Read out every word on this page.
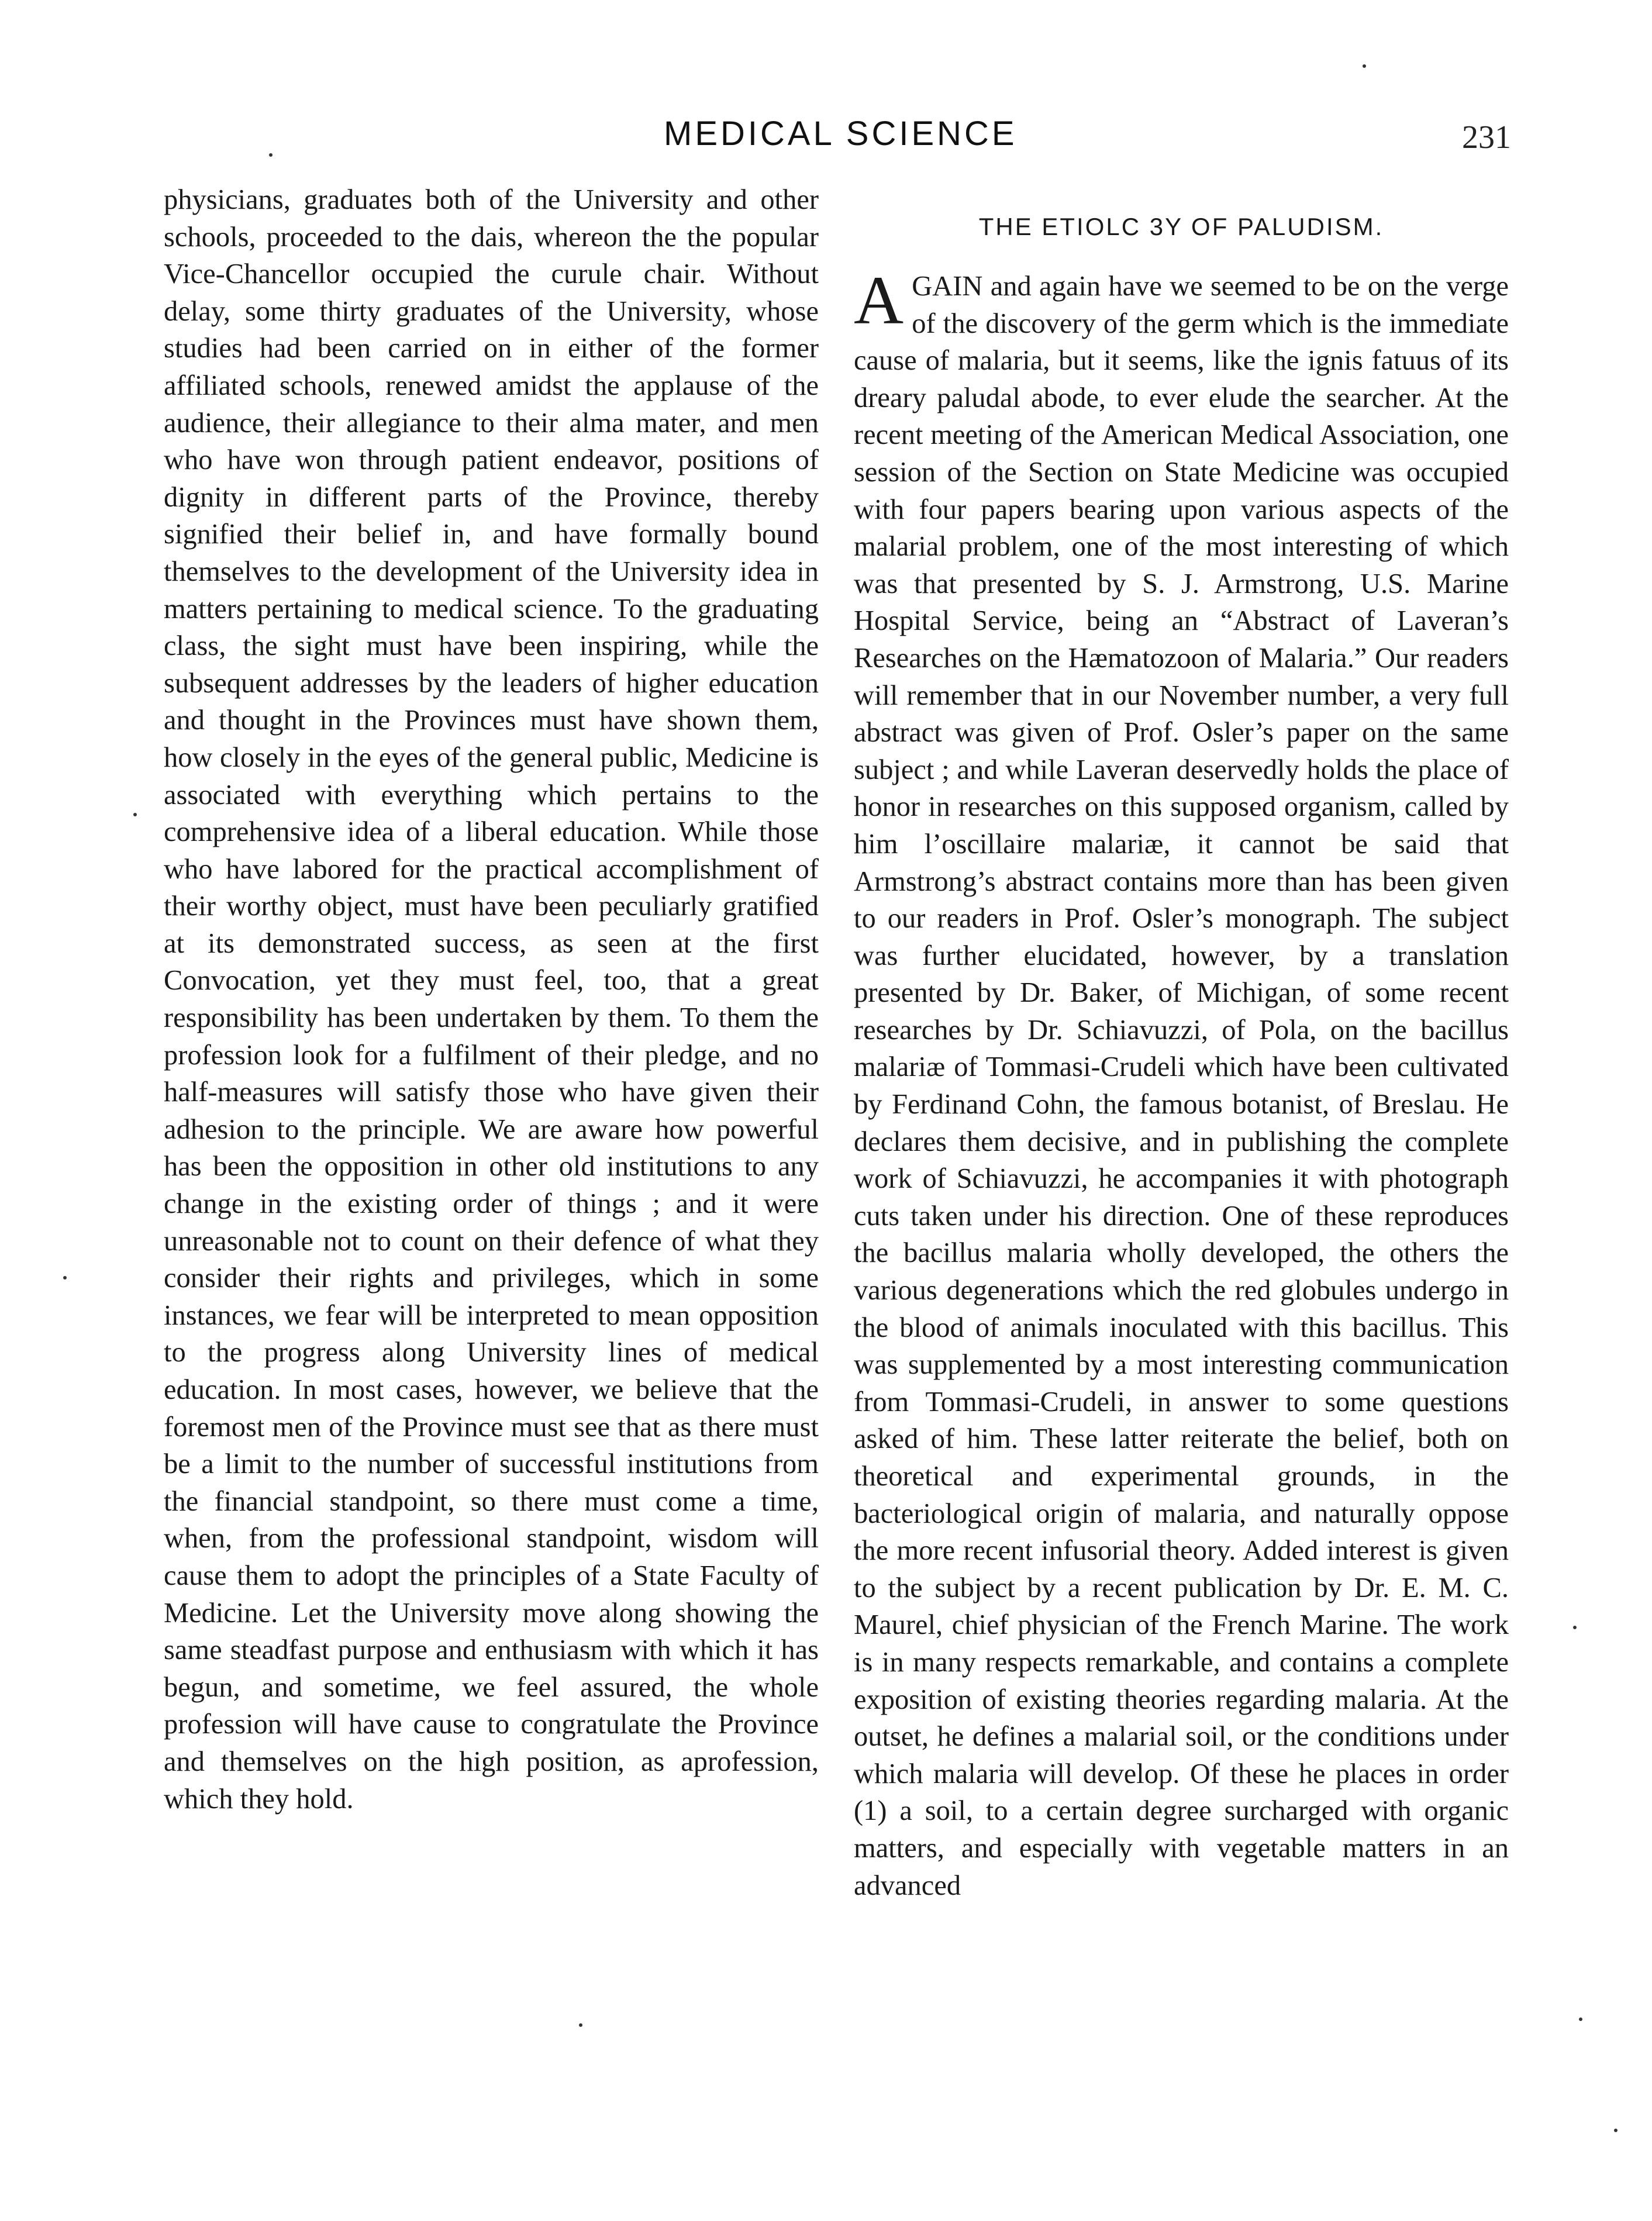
MEDICAL SCIENCE	231

physicians, graduates both of the University and other schools, proceeded to the dais, whereon the the popular Vice-Chancellor occupied the curule chair. Without delay, some thirty graduates of the University, whose studies had been carried on in either of the former affiliated schools, renewed amidst the applause of the audience, their allegiance to their alma mater, and men who have won through patient endeavor, positions of dignity in different parts of the Province, thereby signified their belief in, and have formally bound themselves to the development of the University idea in matters pertaining to medical science. To the graduating class, the sight must have been inspiring, while the subsequent addresses by the leaders of higher education and thought in the Provinces must have shown them, how closely in the eyes of the general public, Medicine is associated with everything which pertains to the comprehensive idea of a liberal education. While those who have labored for the practical accomplishment of their worthy object, must have been peculiarly gratified at its demonstrated success, as seen at the first Convocation, yet they must feel, too, that a great responsibility has been undertaken by them. To them the profession look for a fulfilment of their pledge, and no half-measures will satisfy those who have given their adhesion to the principle. We are aware how powerful has been the opposition in other old institutions to any change in the existing order of things ; and it were unreasonable not to count on their defence of what they consider their rights and privileges, which in some instances, we fear will be interpreted to mean opposition to the progress along University lines of medical education. In most cases, however, we believe that the foremost men of the Province must see that as there must be a limit to the number of successful institutions from the financial standpoint, so there must come a time, when, from the professional standpoint, wisdom will cause them to adopt the principles of a State Faculty of Medicine. Let the University move along showing the same steadfast purpose and enthusiasm with which it has begun, and sometime, we feel assured, the whole profession will have cause to congratulate the Province and themselves on the high position, as aprofession, which they hold.

THE ETIOLC 3Y OF PALUDISM.

AGAIN and again have we seemed to be on the verge of the discovery of the germ which is the immediate cause of malaria, but it seems, like the ignis fatuus of its dreary paludal abode, to ever elude the searcher. At the recent meeting of the American Medical Association, one session of the Section on State Medicine was occupied with four papers bearing upon various aspects of the malarial problem, one of the most interesting of which was that presented by S. J. Armstrong, U.S. Marine Hospital Service, being an “Abstract of Laveran’s Researches on the Hæmatozoon of Malaria.” Our readers will remember that in our November number, a very full abstract was given of Prof. Osler’s paper on the same subject ; and while Laveran deservedly holds the place of honor in researches on this supposed organism, called by him l’oscillaire malariæ, it cannot be said that Armstrong’s abstract contains more than has been given to our readers in Prof. Osler’s monograph. The subject was further elucidated, however, by a translation presented by Dr. Baker, of Michigan, of some recent researches by Dr. Schiavuzzi, of Pola, on the bacillus malariæ of Tommasi-Crudeli which have been cultivated by Ferdinand Cohn, the famous botanist, of Breslau. He declares them decisive, and in publishing the complete work of Schiavuzzi, he accompanies it with photograph cuts taken under his direction. One of these reproduces the bacillus malaria wholly developed, the others the various degenerations which the red globules undergo in the blood of animals inoculated with this bacillus. This was supplemented by a most interesting communication from Tommasi-Crudeli, in answer to some questions asked of him. These latter reiterate the belief, both on theoretical and experimental grounds, in the bacteriological origin of malaria, and naturally oppose the more recent infusorial theory. Added interest is given to the subject by a recent publication by Dr. E. M. C. Maurel, chief physician of the French Marine. The work is in many respects remarkable, and contains a complete exposition of existing theories regarding malaria. At the outset, he defines a malarial soil, or the conditions under which malaria will develop. Of these he places in order (1) a soil, to a certain degree surcharged with organic matters, and especially with vegetable matters in an advanced
